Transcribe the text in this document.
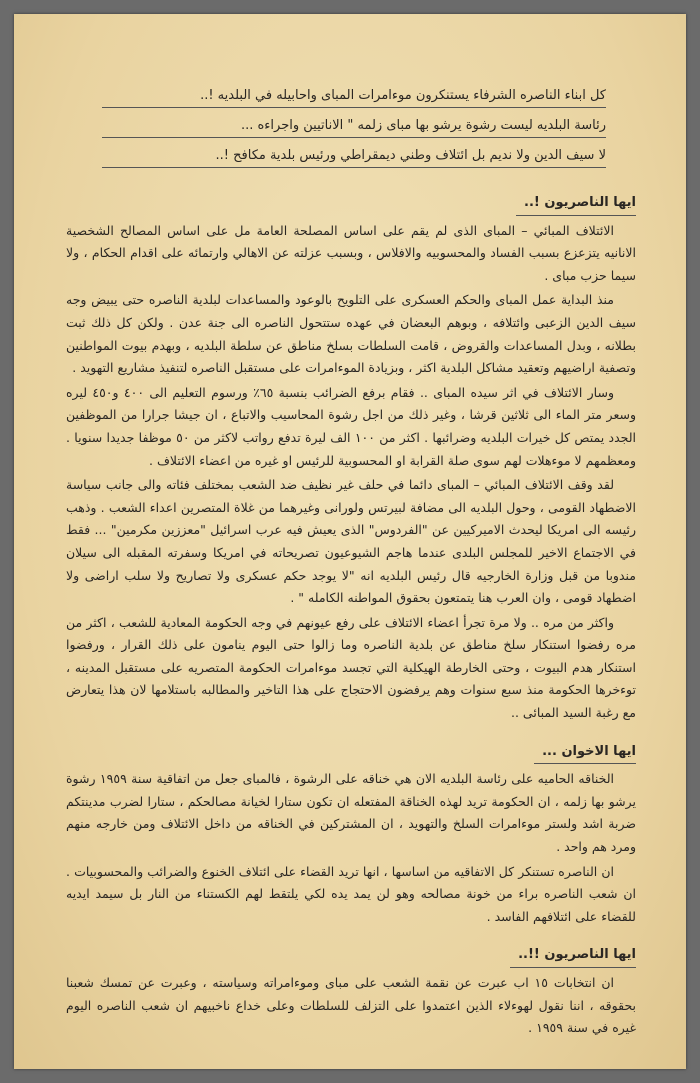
كل ابناء الناصره الشرفاء يستنكرون موءامرات المباى واحابيله في البلديه !..

رئاسة البلديه ليست رشوة يرشو بها مباى زلمه " الاناتيين واجراءه ...

لا سيف الدين ولا نديم بل ائتلاف وطني ديمقراطي ورئيس بلدية مكافح !..

ايها الناصريون !..

الائتلاف المبائي – المباى الذى لم يقم على اساس المصلحة العامة مل على اساس المصالح الشخصية الانانيه يتزعزع بسبب الفساد والمحسوبيه والافلاس ، وبسبب عزلته عن الاهالي وارتمائه على اقدام الحكام ، ولا سيما حزب مباى .

منذ البداية عمل المباى والحكم العسكرى على التلويح بالوعود والمساعدات لبلدية الناصره حتى يبيض وجه سيف الدين الزعبى وائتلافه ، وبوهم البعضان في عهده ستتحول الناصره الى جنة عدن . ولكن كل ذلك ثبت بطلانه ، وبدل المساعدات والقروض ، قامت السلطات بسلخ مناطق عن سلطة البلديه ، وبهدم بيوت المواطنين وتصفية اراضيهم وتعقيد مشاكل البلدية اكثر ، وبزيادة الموءامرات على مستقبل الناصره لتنفيذ مشاريع التهويد .

وسار الائتلاف في اثر سيده المباى .. فقام برفع الضرائب بنسبة ٦٥٪ ورسوم التعليم الى ٤٠٠ و٤٥٠ ليره وسعر متر الماء الى ثلاثين قرشا ، وغير ذلك من اجل رشوة المحاسيب والاتباع ، ان جيشا جرارا من الموظفين الجدد يمتص كل خيرات البلديه وضرائبها . اكثر من ١٠٠ الف ليرة تدفع رواتب لاكثر من ٥٠ موظفا جديدا سنويا . ومعظمهم لا موءهلات لهم سوى صلة القرابة او المحسوبية للرئيس او غيره من اعضاء الائتلاف .

لقد وقف الائتلاف المبائي – المباى دائما في حلف غير نظيف ضد الشعب بمختلف فئاته والى جانب سياسة الاضطهاد القومى ، وحول البلديه الى مضافة لبيرتس ولورانى وغيرهما من غلاة المتصرين اعداء الشعب . وذهب رئيسه الى امريكا ليحدث الاميركيين عن "الفردوس" الذى يعيش فيه عرب اسرائيل "معززين مكرمين" ... فقط في الاجتماع الاخير للمجلس البلدى عندما هاجم الشيوعيون تصريحاته في امريكا وسفرته المقبله الى سيلان مندوبا من قبل وزارة الخارجيه قال رئيس البلديه انه "لا يوجد حكم عسكرى ولا تصاريح ولا سلب اراضى ولا اضطهاد قومى ، وان العرب هنا يتمتعون بحقوق المواطنه الكامله " .

واكثر من مره .. ولا مرة تجرأ اعضاء الائتلاف على رفع عيونهم في وجه الحكومة المعادية للشعب ، اكثر من مره رفضوا استنكار سلخ مناطق عن بلدية الناصره وما زالوا حتى اليوم ينامون على ذلك القرار ، ورفضوا استنكار هدم البيوت ، وحتى الخارطة الهيكلية التي تجسد موءامرات الحكومة المتصريه على مستقبل المدينه ، توءخرها الحكومة منذ سبع سنوات وهم يرفضون الاحتجاج على هذا التاخير والمطالبه باستلامها لان هذا يتعارض مع رغبة السيد المبائى ..

ايها الاخوان ...

الخناقه الحاميه على رئاسة البلديه الان هي خناقه على الرشوة ، فالمباى جعل من اتفاقية سنة ١٩٥٩ رشوة يرشو بها زلمه ، ان الحكومة تريد لهذه الخناقة المفتعله ان تكون ستارا لخيانة مصالحكم ، ستارا لضرب مدينتكم ضربة اشد ولستر موءامرات السلخ والتهويد ، ان المشتركين في الخناقه من داخل الائتلاف ومن خارجه منهم ومرد هم واحد .

ان الناصره تستنكر كل الاتفاقيه من اساسها ، انها تريد القضاء على ائتلاف الخنوع والضرائب والمحسوبيات . ان شعب الناصره براء من خونة مصالحه وهو لن يمد يده لكي يلتقط لهم الكستناء من النار بل سيمد ايديه للقضاء على ائتلافهم الفاسد .

ايها الناصريون !!..

ان انتخابات ١٥ اب عبرت عن نقمة الشعب على مباى وموءامراته وسياسته ، وعبرت عن تمسك شعبنا بحقوقه ، اننا نقول لهوءلاء الذين اعتمدوا على التزلف للسلطات وعلى خداع ناخبيهم ان شعب الناصره اليوم غيره في سنة ١٩٥٩ .
